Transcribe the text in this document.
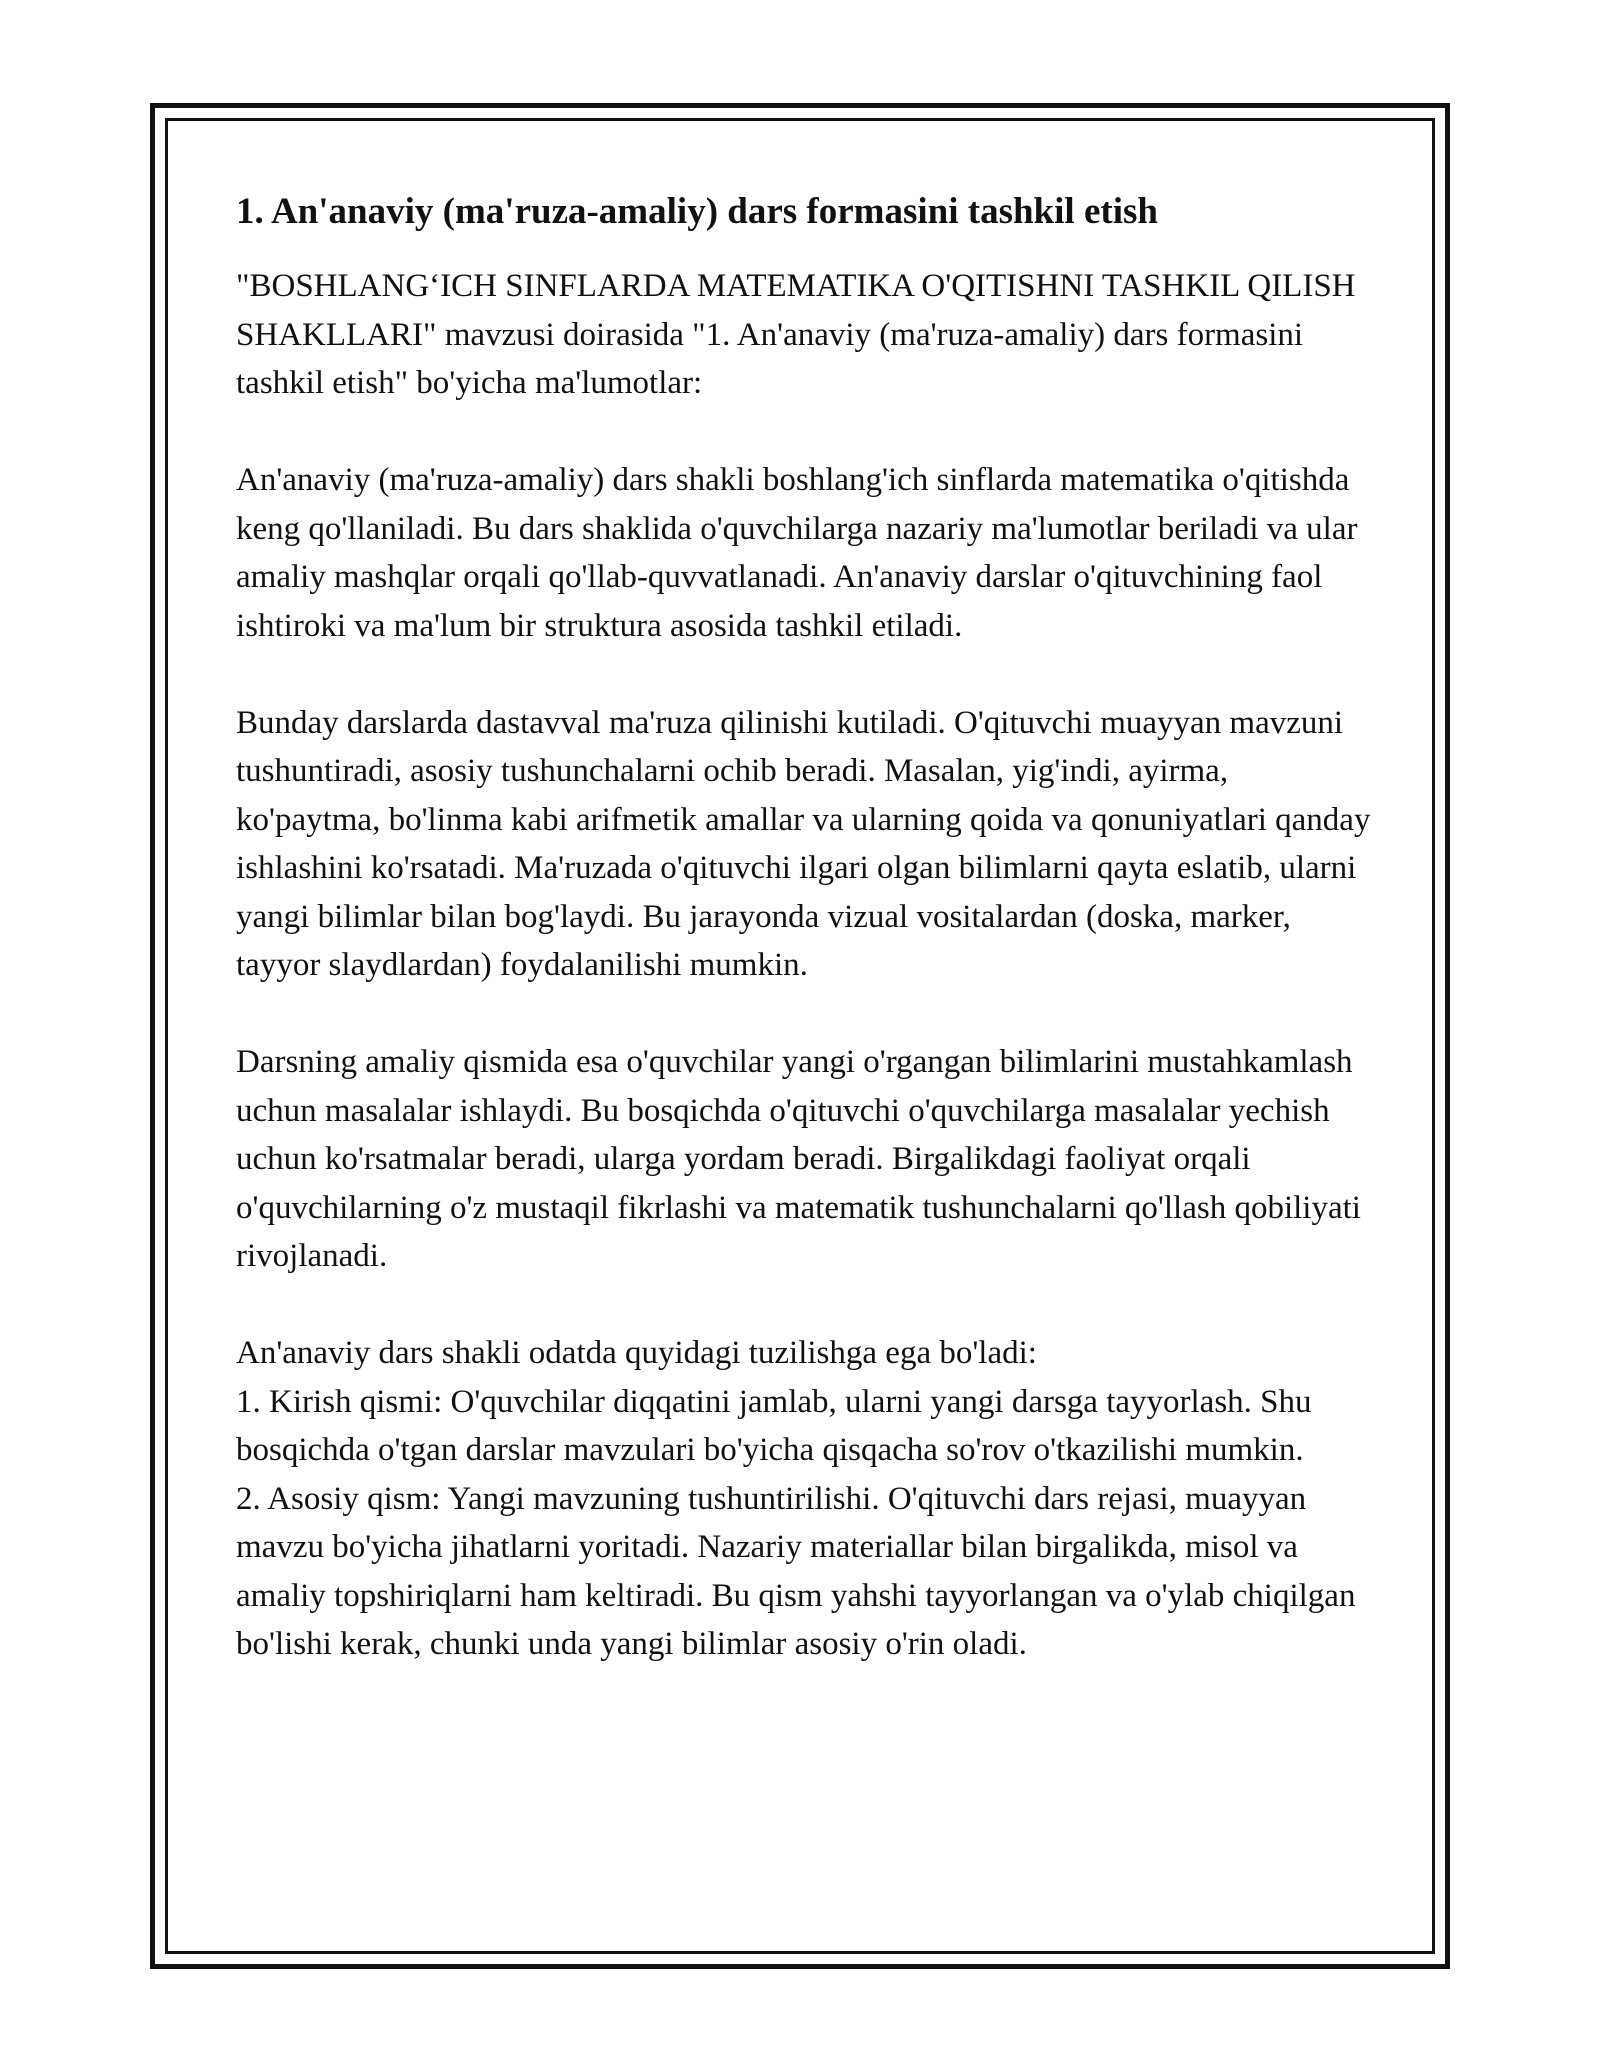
1. An'anaviy (ma'ruza-amaliy) dars formasini tashkil etish

"BOSHLANG‘ICH SINFLARDA MATEMATIKA O'QITISHNI TASHKIL QILISH SHAKLLARI" mavzusi doirasida "1. An'anaviy (ma'ruza-amaliy) dars formasini tashkil etish" bo'yicha ma'lumotlar:

An'anaviy (ma'ruza-amaliy) dars shakli boshlang'ich sinflarda matematika o'qitishda keng qo'llaniladi. Bu dars shaklida o'quvchilarga nazariy ma'lumotlar beriladi va ular amaliy mashqlar orqali qo'llab-quvvatlanadi. An'anaviy darslar o'qituvchining faol ishtiroki va ma'lum bir struktura asosida tashkil etiladi.

Bunday darslarda dastavval ma'ruza qilinishi kutiladi. O'qituvchi muayyan mavzuni tushuntiradi, asosiy tushunchalarni ochib beradi. Masalan, yig'indi, ayirma, ko'paytma, bo'linma kabi arifmetik amallar va ularning qoida va qonuniyatlari qanday ishlashini ko'rsatadi. Ma'ruzada o'qituvchi ilgari olgan bilimlarni qayta eslatib, ularni yangi bilimlar bilan bog'laydi. Bu jarayonda vizual vositalardan (doska, marker, tayyor slaydlardan) foydalanilishi mumkin.

Darsning amaliy qismida esa o'quvchilar yangi o'rgangan bilimlarini mustahkamlash uchun masalalar ishlaydi. Bu bosqichda o'qituvchi o'quvchilarga masalalar yechish uchun ko'rsatmalar beradi, ularga yordam beradi. Birgalikdagi faoliyat orqali o'quvchilarning o'z mustaqil fikrlashi va matematik tushunchalarni qo'llash qobiliyati rivojlanadi.

An'anaviy dars shakli odatda quyidagi tuzilishga ega bo'ladi:

1. Kirish qismi: O'quvchilar diqqatini jamlab, ularni yangi darsga tayyorlash. Shu bosqichda o'tgan darslar mavzulari bo'yicha qisqacha so'rov o'tkazilishi mumkin.

2. Asosiy qism: Yangi mavzuning tushuntirilishi. O'qituvchi dars rejasi, muayyan mavzu bo'yicha jihatlarni yoritadi. Nazariy materiallar bilan birgalikda, misol va amaliy topshiriqlarni ham keltiradi. Bu qism yahshi tayyorlangan va o'ylab chiqilgan bo'lishi kerak, chunki unda yangi bilimlar asosiy o'rin oladi.
